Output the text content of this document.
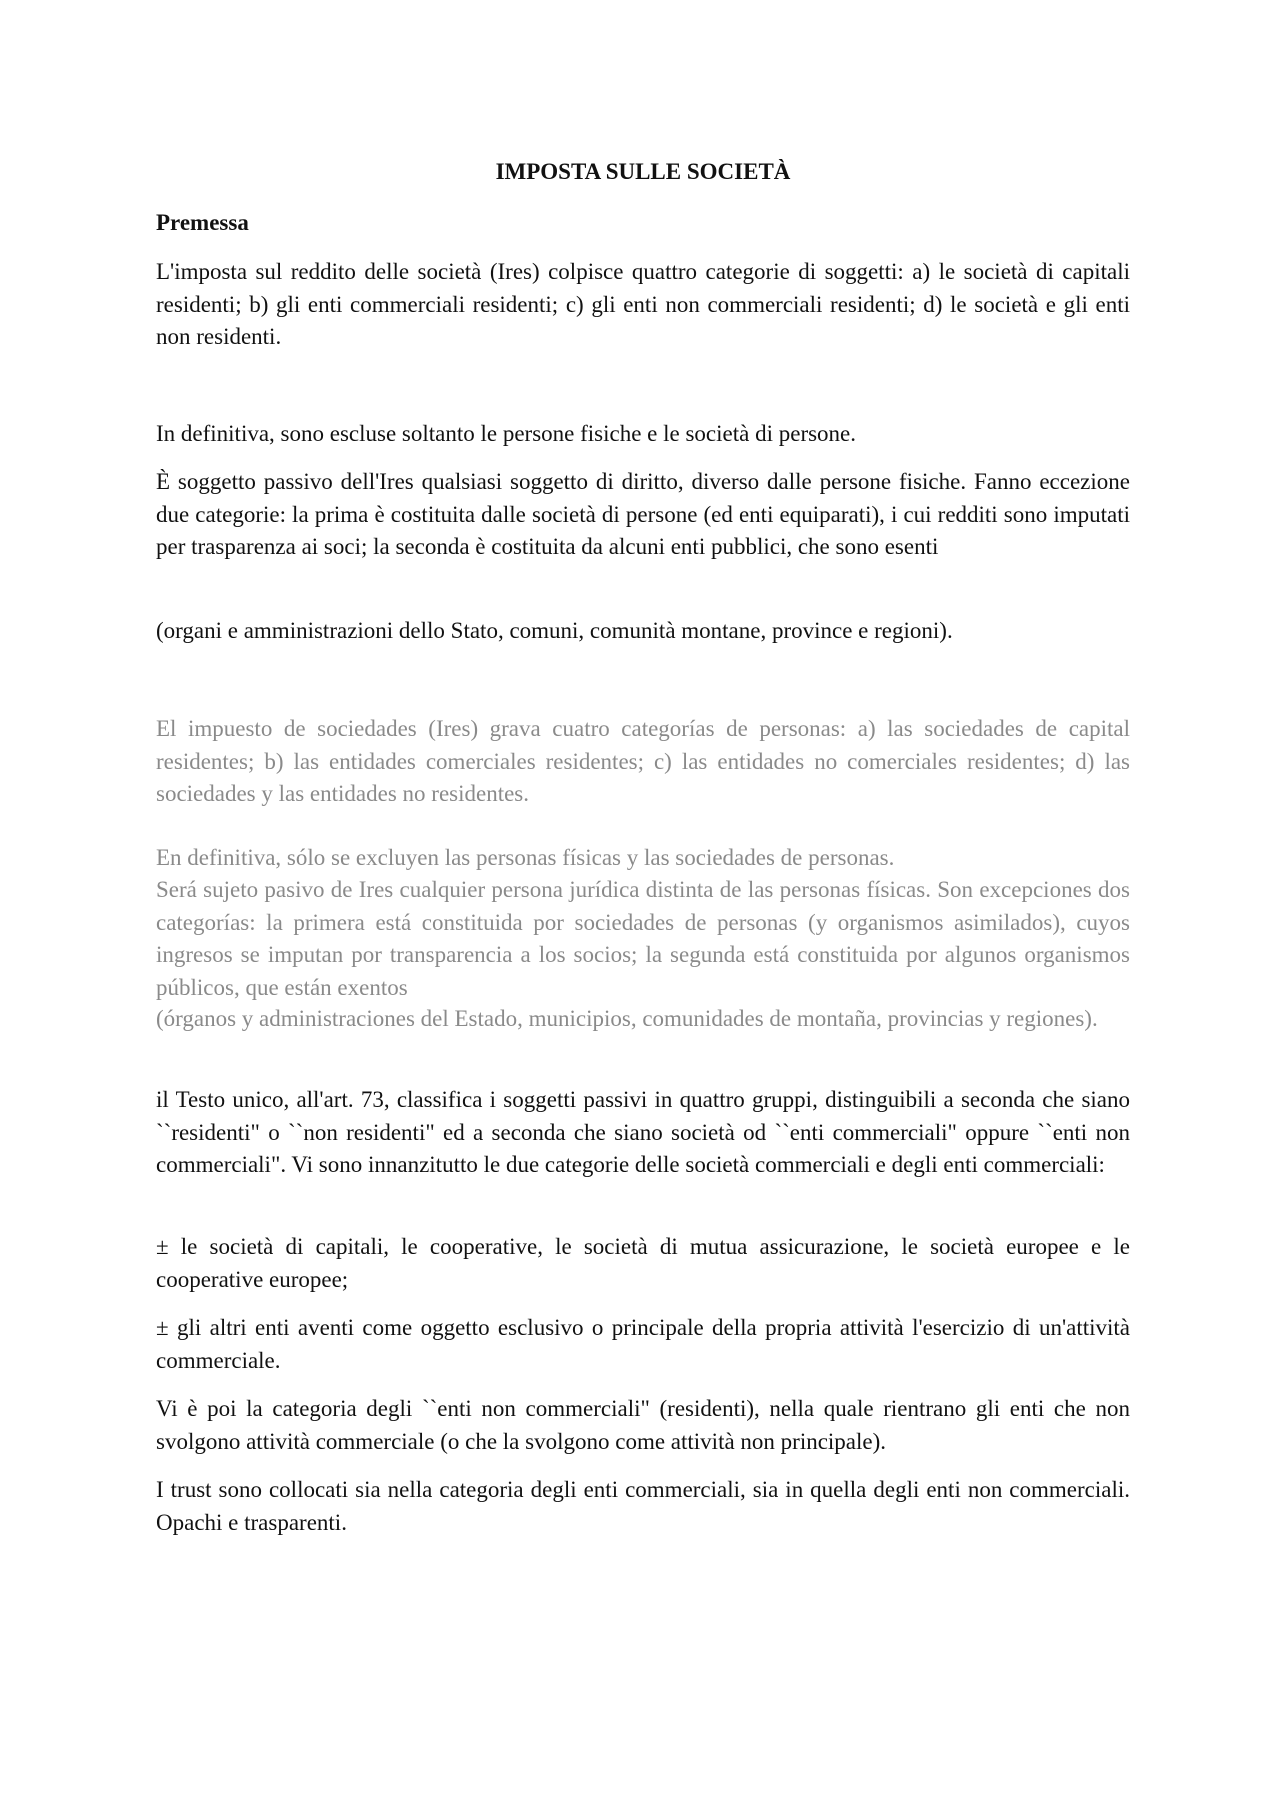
IMPOSTA SULLE SOCIETÀ
Premessa

L'imposta sul reddito delle società (Ires) colpisce quattro categorie di soggetti: a) le società di capitali residenti; b) gli enti commerciali residenti; c) gli enti non commerciali residenti; d) le società e gli enti non residenti.

In definitiva, sono escluse soltanto le persone fisiche e le società di persone.

È soggetto passivo dell'Ires qualsiasi soggetto di diritto, diverso dalle persone fisiche. Fanno eccezione due categorie: la prima è costituita dalle società di persone (ed enti equiparati), i cui redditi sono imputati per trasparenza ai soci; la seconda è costituita da alcuni enti pubblici, che sono esenti

(organi e amministrazioni dello Stato, comuni, comunità montane, province e regioni).

El impuesto de sociedades (Ires) grava cuatro categorías de personas: a) las sociedades de capital residentes; b) las entidades comerciales residentes; c) las entidades no comerciales residentes; d) las sociedades y las entidades no residentes.

En definitiva, sólo se excluyen las personas físicas y las sociedades de personas.

Será sujeto pasivo de Ires cualquier persona jurídica distinta de las personas físicas. Son excepciones dos categorías: la primera está constituida por sociedades de personas (y organismos asimilados), cuyos ingresos se imputan por transparencia a los socios; la segunda está constituida por algunos organismos públicos, que están exentos

(órganos y administraciones del Estado, municipios, comunidades de montaña, provincias y regiones).

il Testo unico, all'art. 73, classifica i soggetti passivi in quattro gruppi, distinguibili a seconda che siano ``residenti" o ``non residenti" ed a seconda che siano società od ``enti commerciali" oppure ``enti non commerciali". Vi sono innanzitutto le due categorie delle società commerciali e degli enti commerciali:

± le società di capitali, le cooperative, le società di mutua assicurazione, le società europee e le cooperative europee;

± gli altri enti aventi come oggetto esclusivo o principale della propria attività l'esercizio di un'attività commerciale.

Vi è poi la categoria degli ``enti non commerciali" (residenti), nella quale rientrano gli enti che non svolgono attività commerciale (o che la svolgono come attività non principale).

I trust sono collocati sia nella categoria degli enti commerciali, sia in quella degli enti non commerciali. Opachi e trasparenti.
